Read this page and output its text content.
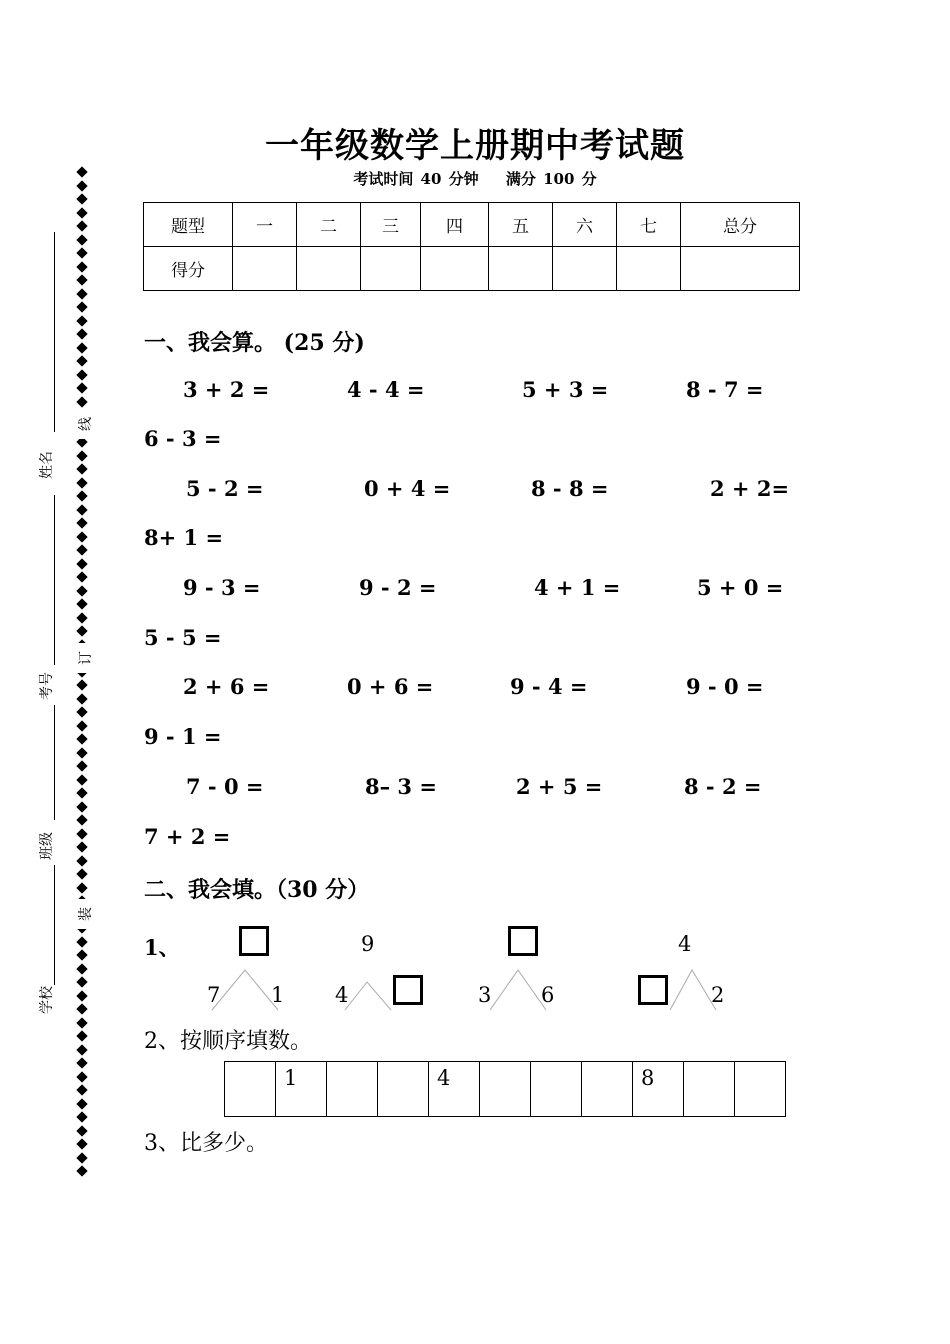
姓名
考号
班级
学校
线
订
装
一年级数学上册期中考试题
考试时间 40 分钟 满分 100 分
题型	一	二	三	四	五	六	七	总分
得分								
一、我会算。 (25 分)
3 + 2 =	4 - 4 =	5 + 3 =	8 - 7 =
6 - 3 =
5 - 2 =	0 + 4 =	8 - 8 =	2 + 2=
8+ 1 =
9 - 3 =	9 - 2 =	4 + 1 =	5 + 0 =
5 - 5 =
2 + 6 =	0 + 6 =	9 - 4 =	9 - 0 =
9 - 1 =
7 - 0 =	8– 3 =	2 + 5 =	8 - 2 =
7 + 2 =
二、我会填。（30 分）
1、
7 1
9
4	3 6
4
2
2、按顺序填数。
	1			4				8		
3、比多少。
